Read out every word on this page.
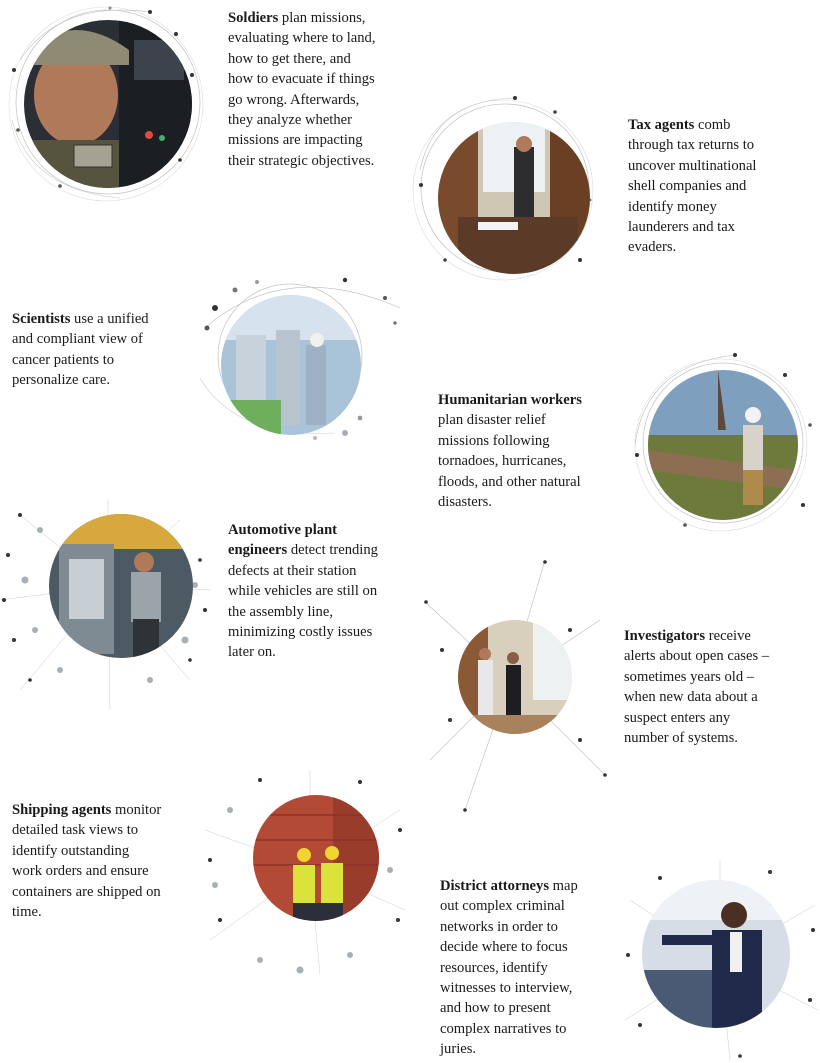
Soldiers plan missions, evaluating where to land, how to get there, and how to evacuate if things go wrong. Afterwards, they analyze whether missions are impacting their strategic objectives.
Tax agents comb through tax returns to uncover multinational shell companies and identify money launderers and tax evaders.
Scientists use a unified and compliant view of cancer patients to personalize care.
Humanitarian workers plan disaster relief missions following tornadoes, hurricanes, floods, and other natural disasters.
Automotive plant engineers detect trending defects at their station while vehicles are still on the assembly line, minimizing costly issues later on.
Investigators receive alerts about open cases – sometimes years old – when new data about a suspect enters any number of systems.
Shipping agents monitor detailed task views to identify outstanding work orders and ensure containers are shipped on time.
District attorneys map out complex criminal networks in order to decide where to focus resources, identify witnesses to interview, and how to present complex narratives to juries.
